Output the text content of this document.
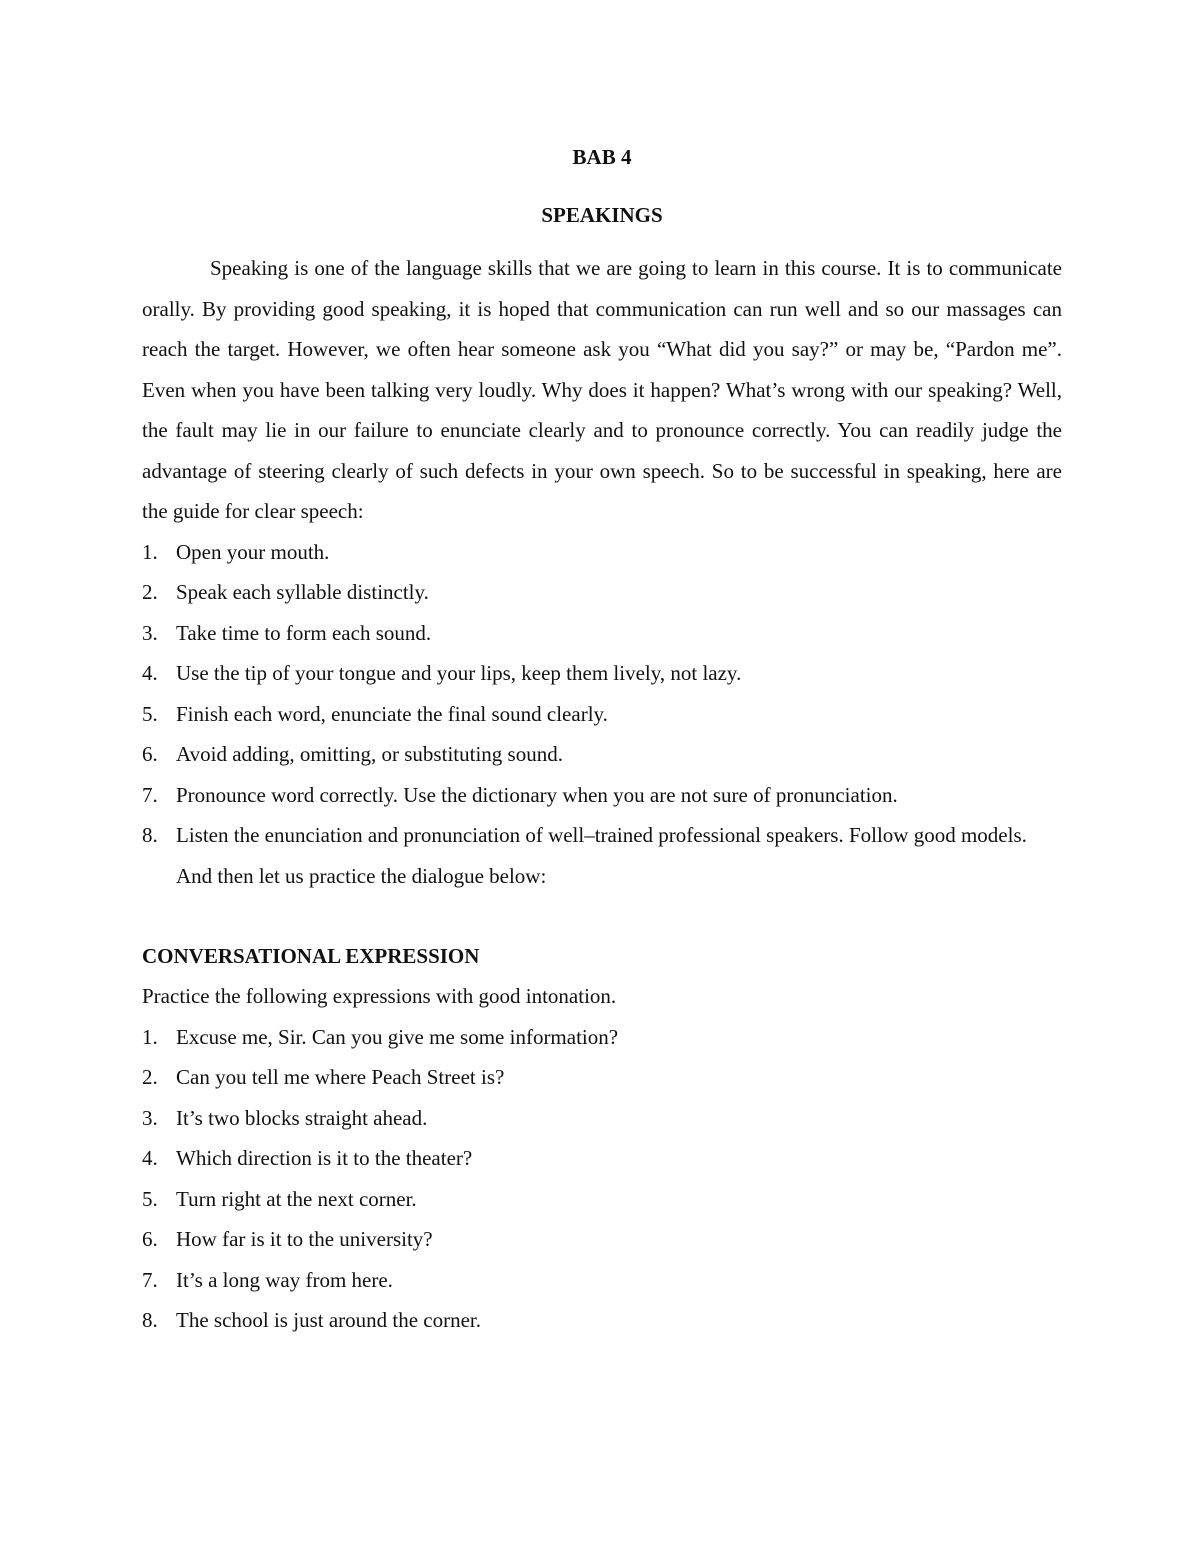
BAB 4
SPEAKINGS

Speaking is one of the language skills that we are going to learn in this course. It is to communicate orally. By providing good speaking, it is hoped that communication can run well and so our massages can reach the target. However, we often hear someone ask you “What did you say?” or may be, “Pardon me”. Even when you have been talking very loudly. Why does it happen? What’s wrong with our speaking? Well, the fault may lie in our failure to enunciate clearly and to pronounce correctly. You can readily judge the advantage of steering clearly of such defects in your own speech. So to be successful in speaking, here are the guide for clear speech:

1. Open your mouth.
2. Speak each syllable distinctly.
3. Take time to form each sound.
4. Use the tip of your tongue and your lips, keep them lively, not lazy.
5. Finish each word, enunciate the final sound clearly.
6. Avoid adding, omitting, or substituting sound.
7. Pronounce word correctly. Use the dictionary when you are not sure of pronunciation.
8. Listen the enunciation and pronunciation of well–trained professional speakers. Follow good models. And then let us practice the dialogue below:
CONVERSATIONAL EXPRESSION

Practice the following expressions with good intonation.

1. Excuse me, Sir. Can you give me some information?
2. Can you tell me where Peach Street is?
3. It’s two blocks straight ahead.
4. Which direction is it to the theater?
5. Turn right at the next corner.
6. How far is it to the university?
7. It’s a long way from here.
8. The school is just around the corner.
